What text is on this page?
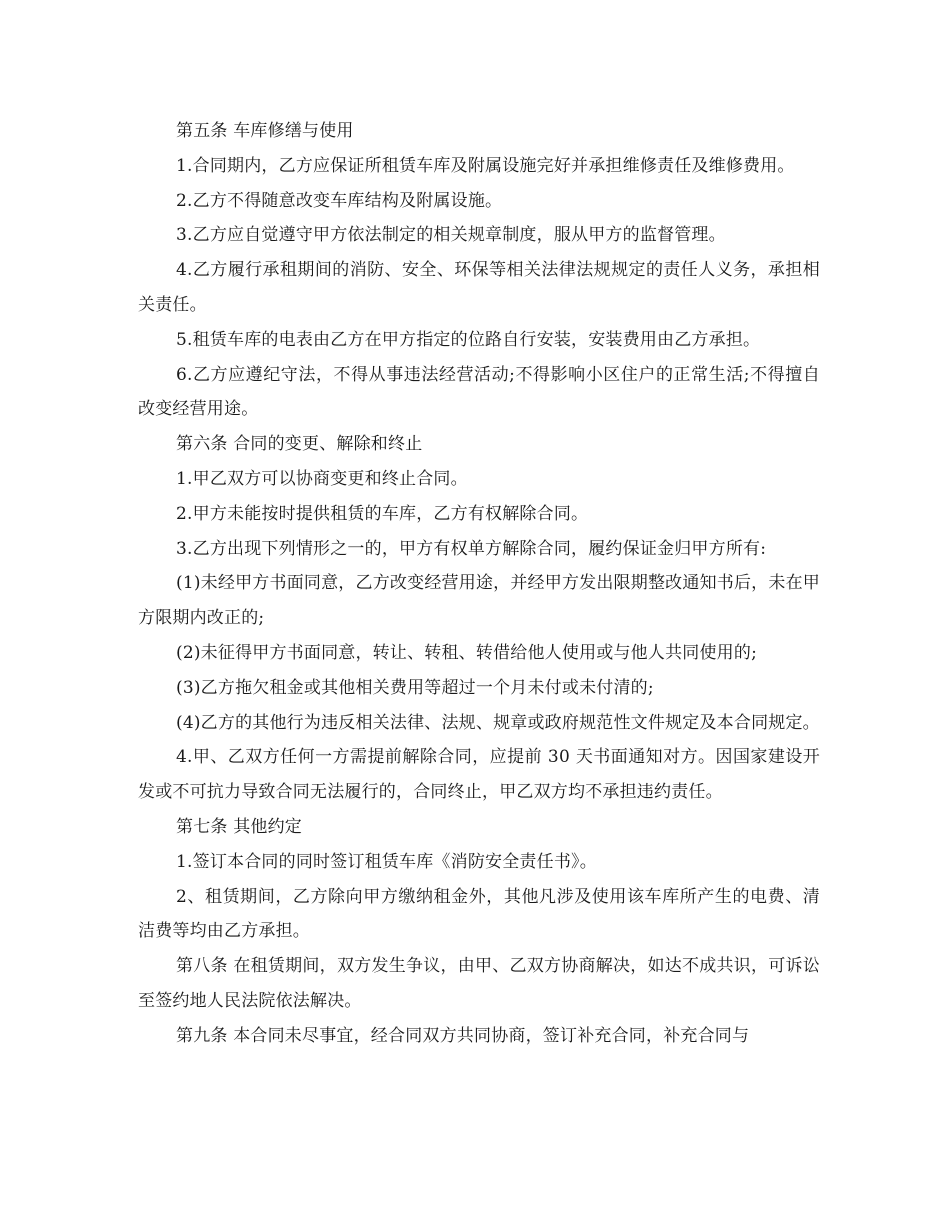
第五条 车库修缮与使用

1.合同期内，乙方应保证所租赁车库及附属设施完好并承担维修责任及维修费用。

2.乙方不得随意改变车库结构及附属设施。

3.乙方应自觉遵守甲方依法制定的相关规章制度，服从甲方的监督管理。

4.乙方履行承租期间的消防、安全、环保等相关法律法规规定的责任人义务，承担相关责任。

5.租赁车库的电表由乙方在甲方指定的位路自行安装，安装费用由乙方承担。

6.乙方应遵纪守法，不得从事违法经营活动;不得影响小区住户的正常生活;不得擅自改变经营用途。

第六条 合同的变更、解除和终止

1.甲乙双方可以协商变更和终止合同。

2.甲方未能按时提供租赁的车库，乙方有权解除合同。

3.乙方出现下列情形之一的，甲方有权单方解除合同，履约保证金归甲方所有:

(1)未经甲方书面同意，乙方改变经营用途，并经甲方发出限期整改通知书后，未在甲方限期内改正的;

(2)未征得甲方书面同意，转让、转租、转借给他人使用或与他人共同使用的;

(3)乙方拖欠租金或其他相关费用等超过一个月未付或未付清的;

(4)乙方的其他行为违反相关法律、法规、规章或政府规范性文件规定及本合同规定。

4.甲、乙双方任何一方需提前解除合同，应提前 30 天书面通知对方。因国家建设开发或不可抗力导致合同无法履行的，合同终止，甲乙双方均不承担违约责任。

第七条 其他约定

1.签订本合同的同时签订租赁车库《消防安全责任书》。

2、租赁期间，乙方除向甲方缴纳租金外，其他凡涉及使用该车库所产生的电费、清洁费等均由乙方承担。

第八条 在租赁期间，双方发生争议，由甲、乙双方协商解决，如达不成共识，可诉讼至签约地人民法院依法解决。

第九条 本合同未尽事宜，经合同双方共同协商，签订补充合同，补充合同与
